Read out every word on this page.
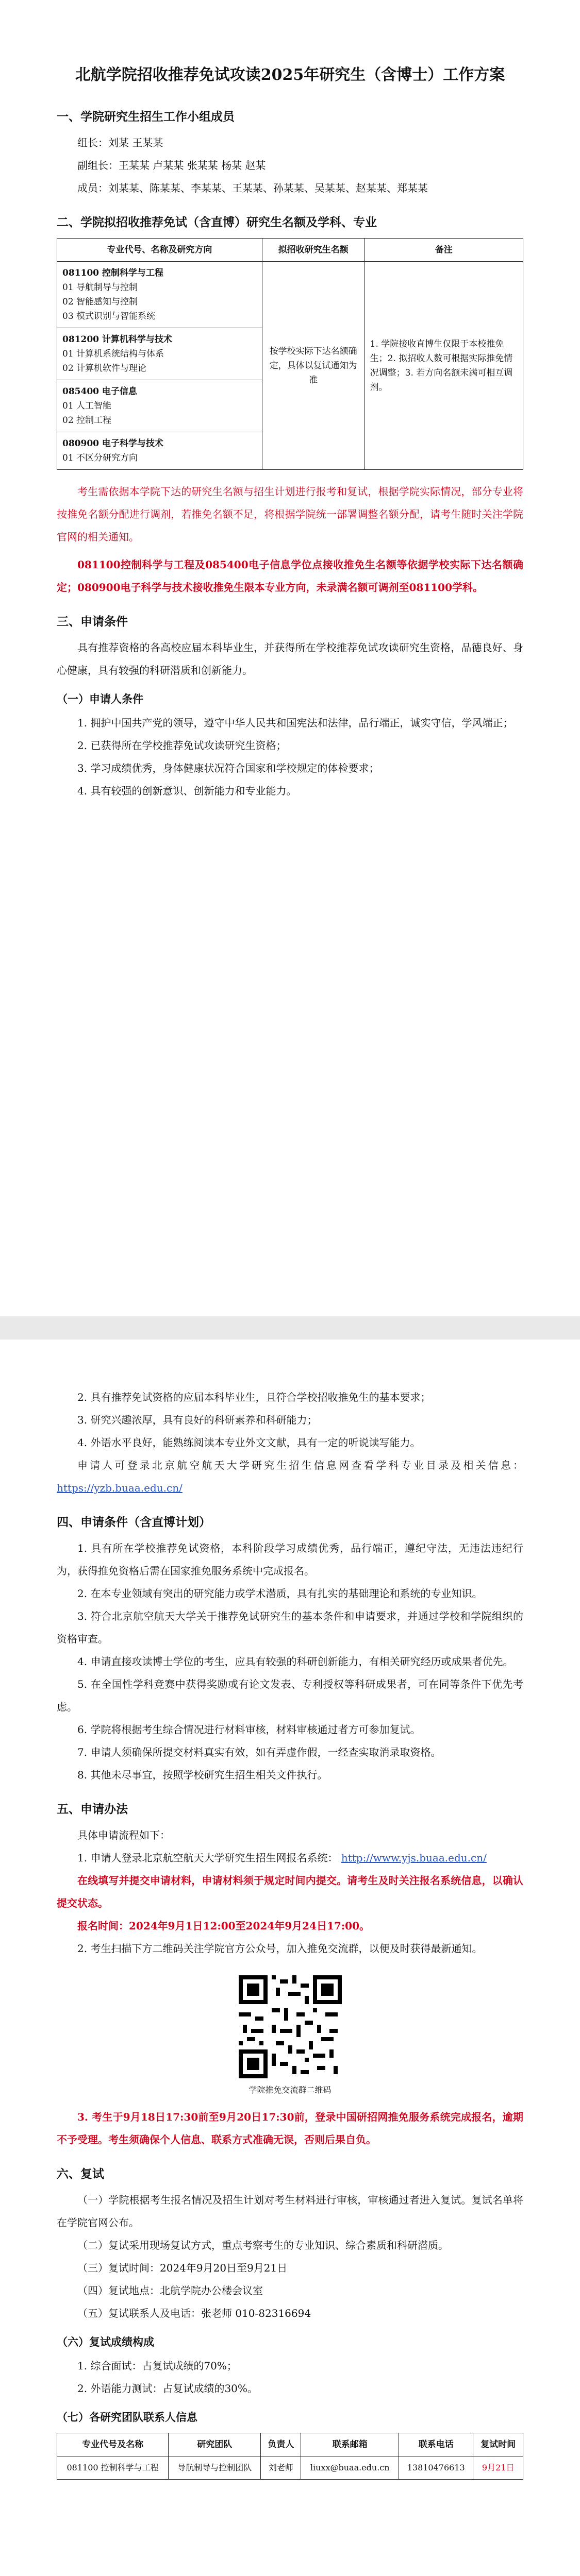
北航学院招收推荐免试攻读2025年研究生（含博士）工作方案
一、学院研究生招生工作小组成员
组长：刘某 王某某
副组长：王某某 卢某某 张某某 杨某 赵某
成员：刘某某、陈某某、李某某、王某某、孙某某、吴某某、赵某某、郑某某
二、学院拟招收推荐免试（含直博）研究生名额及学科、专业
专业代号、名称及研究方向	拟招收研究生名额	备注

081100 控制科学与工程
01 导航制导与控制
02 智能感知与控制
03 模式识别与智能系统	按学校实际下达名额确定，具体以复试通知为准	1. 学院接收直博生仅限于本校推免生；2. 拟招收人数可根据实际推免情况调整；3. 若方向名额未满可相互调剂。

081200 计算机科学与技术
01 计算机系统结构与体系
02 计算机软件与理论		

085400 电子信息
01 人工智能
02 控制工程		

080900 电子科学与技术
01 不区分研究方向		
考生需依据本学院下达的研究生名额与招生计划进行报考和复试，根据学院实际情况，部分专业将按推免名额分配进行调剂，若推免名额不足，将根据学院统一部署调整名额分配，请考生随时关注学院官网的相关通知。
081100控制科学与工程及085400电子信息学位点接收推免生名额等依据学校实际下达名额确定；080900电子科学与技术接收推免生限本专业方向，未录满名额可调剂至081100学科。
三、申请条件
具有推荐资格的各高校应届本科毕业生，并获得所在学校推荐免试攻读研究生资格，品德良好、身心健康，具有较强的科研潜质和创新能力。
（一）申请人条件
1. 拥护中国共产党的领导，遵守中华人民共和国宪法和法律，品行端正，诚实守信，学风端正；
2. 已获得所在学校推荐免试攻读研究生资格；
3. 学习成绩优秀，身体健康状况符合国家和学校规定的体检要求；
4. 具有较强的创新意识、创新能力和专业能力。
2. 具有推荐免试资格的应届本科毕业生，且符合学校招收推免生的基本要求；
3. 研究兴趣浓厚，具有良好的科研素养和科研能力；
4. 外语水平良好，能熟练阅读本专业外文文献，具有一定的听说读写能力。
申请人可登录北京航空航天大学研究生招生信息网查看学科专业目录及相关信息： https://yzb.buaa.edu.cn/
四、申请条件（含直博计划）
1. 具有所在学校推荐免试资格，本科阶段学习成绩优秀，品行端正，遵纪守法，无违法违纪行为，获得推免资格后需在国家推免服务系统中完成报名。
2. 在本专业领域有突出的研究能力或学术潜质，具有扎实的基础理论和系统的专业知识。
3. 符合北京航空航天大学关于推荐免试研究生的基本条件和申请要求，并通过学校和学院组织的资格审查。
4. 申请直接攻读博士学位的考生，应具有较强的科研创新能力，有相关研究经历或成果者优先。
5. 在全国性学科竞赛中获得奖励或有论文发表、专利授权等科研成果者，可在同等条件下优先考虑。
6. 学院将根据考生综合情况进行材料审核，材料审核通过者方可参加复试。
7. 申请人须确保所提交材料真实有效，如有弄虚作假，一经查实取消录取资格。
8. 其他未尽事宜，按照学校研究生招生相关文件执行。
五、申请办法
具体申请流程如下：
1. 申请人登录北京航空航天大学研究生招生网报名系统： http://www.yjs.buaa.edu.cn/
在线填写并提交申请材料，申请材料须于规定时间内提交。请考生及时关注报名系统信息，以确认提交状态。
报名时间：2024年9月1日12:00至2024年9月24日17:00。
2. 考生扫描下方二维码关注学院官方公众号，加入推免交流群，以便及时获得最新通知。
学院推免交流群二维码
3. 考生于9月18日17:30前至9月20日17:30前，登录中国研招网推免服务系统完成报名，逾期不予受理。考生须确保个人信息、联系方式准确无误，否则后果自负。
六、复试
（一）学院根据考生报名情况及招生计划对考生材料进行审核，审核通过者进入复试。复试名单将在学院官网公布。
（二）复试采用现场复试方式，重点考察考生的专业知识、综合素质和科研潜质。
（三）复试时间：2024年9月20日至9月21日
（四）复试地点：北航学院办公楼会议室
（五）复试联系人及电话：张老师 010-82316694
（六）复试成绩构成
1. 综合面试：占复试成绩的70%；
2. 外语能力测试：占复试成绩的30%。
（七）各研究团队联系人信息
专业代号及名称	研究团队	负责人	联系邮箱	联系电话	复试时间
081100 控制科学与工程	导航制导与控制团队	刘老师	liuxx@buaa.edu.cn	13810476613	9月21日
